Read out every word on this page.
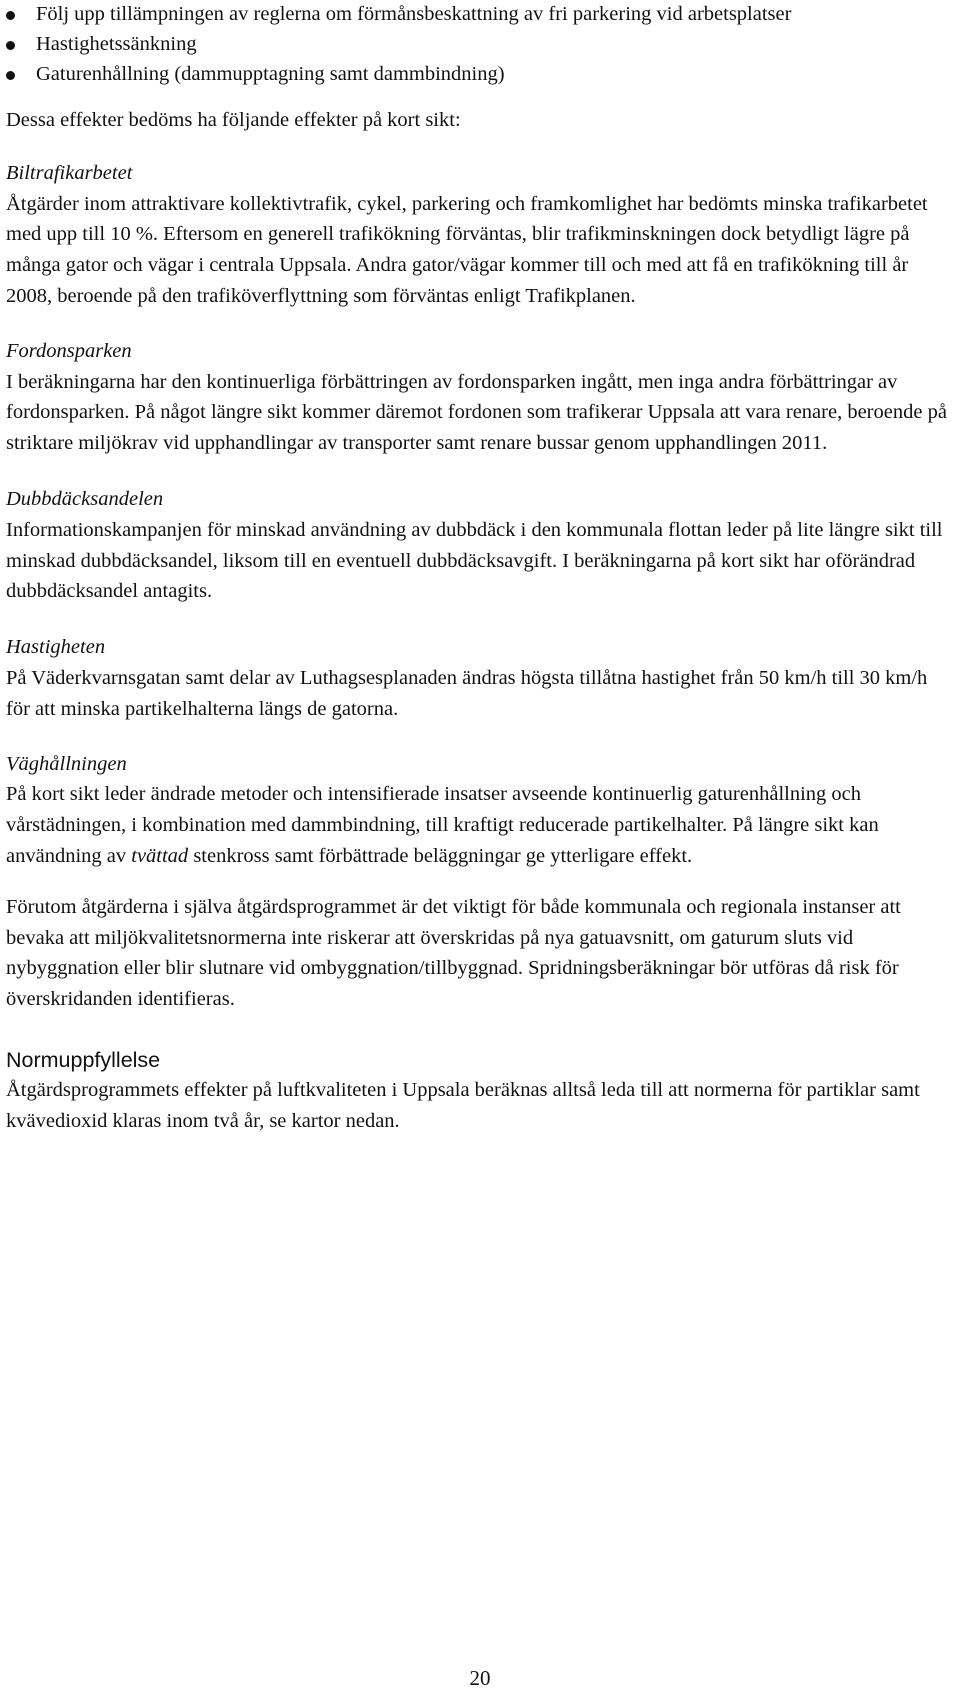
Följ upp tillämpningen av reglerna om förmånsbeskattning av fri parkering vid arbetsplatser
Hastighetssänkning
Gaturenhållning (dammupptagning samt dammbindning)

Dessa effekter bedöms ha följande effekter på kort sikt:

Biltrafikarbetet

Åtgärder inom attraktivare kollektivtrafik, cykel, parkering och framkomlighet har bedömts minska trafikarbetet med upp till 10 %. Eftersom en generell trafikökning förväntas, blir trafikminskningen dock betydligt lägre på många gator och vägar i centrala Uppsala. Andra gator/vägar kommer till och med att få en trafikökning till år 2008, beroende på den trafiköverflyttning som förväntas enligt Trafikplanen.

Fordonsparken

I beräkningarna har den kontinuerliga förbättringen av fordonsparken ingått, men inga andra förbättringar av fordonsparken. På något längre sikt kommer däremot fordonen som trafikerar Uppsala att vara renare, beroende på striktare miljökrav vid upphandlingar av transporter samt renare bussar genom upphandlingen 2011.

Dubbdäcksandelen

Informationskampanjen för minskad användning av dubbdäck i den kommunala flottan leder på lite längre sikt till minskad dubbdäcksandel, liksom till en eventuell dubbdäcksavgift. I beräkningarna på kort sikt har oförändrad dubbdäcksandel antagits.

Hastigheten

På Väderkvarnsgatan samt delar av Luthagsesplanaden ändras högsta tillåtna hastighet från 50 km/h till 30 km/h för att minska partikelhalterna längs de gatorna.

Väghållningen

På kort sikt leder ändrade metoder och intensifierade insatser avseende kontinuerlig gaturenhållning och vårstädningen, i kombination med dammbindning, till kraftigt reducerade partikelhalter. På längre sikt kan användning av tvättad stenkross samt förbättrade beläggningar ge ytterligare effekt.

Förutom åtgärderna i själva åtgärdsprogrammet är det viktigt för både kommunala och regionala instanser att bevaka att miljökvalitetsnormerna inte riskerar att överskridas på nya gatuavsnitt, om gaturum sluts vid nybyggnation eller blir slutnare vid ombyggnation/tillbyggnad. Spridningsberäkningar bör utföras då risk för överskridanden identifieras.

Normuppfyllelse

Åtgärdsprogrammets effekter på luftkvaliteten i Uppsala beräknas alltså leda till att normerna för partiklar samt kvävedioxid klaras inom två år, se kartor nedan.

20
